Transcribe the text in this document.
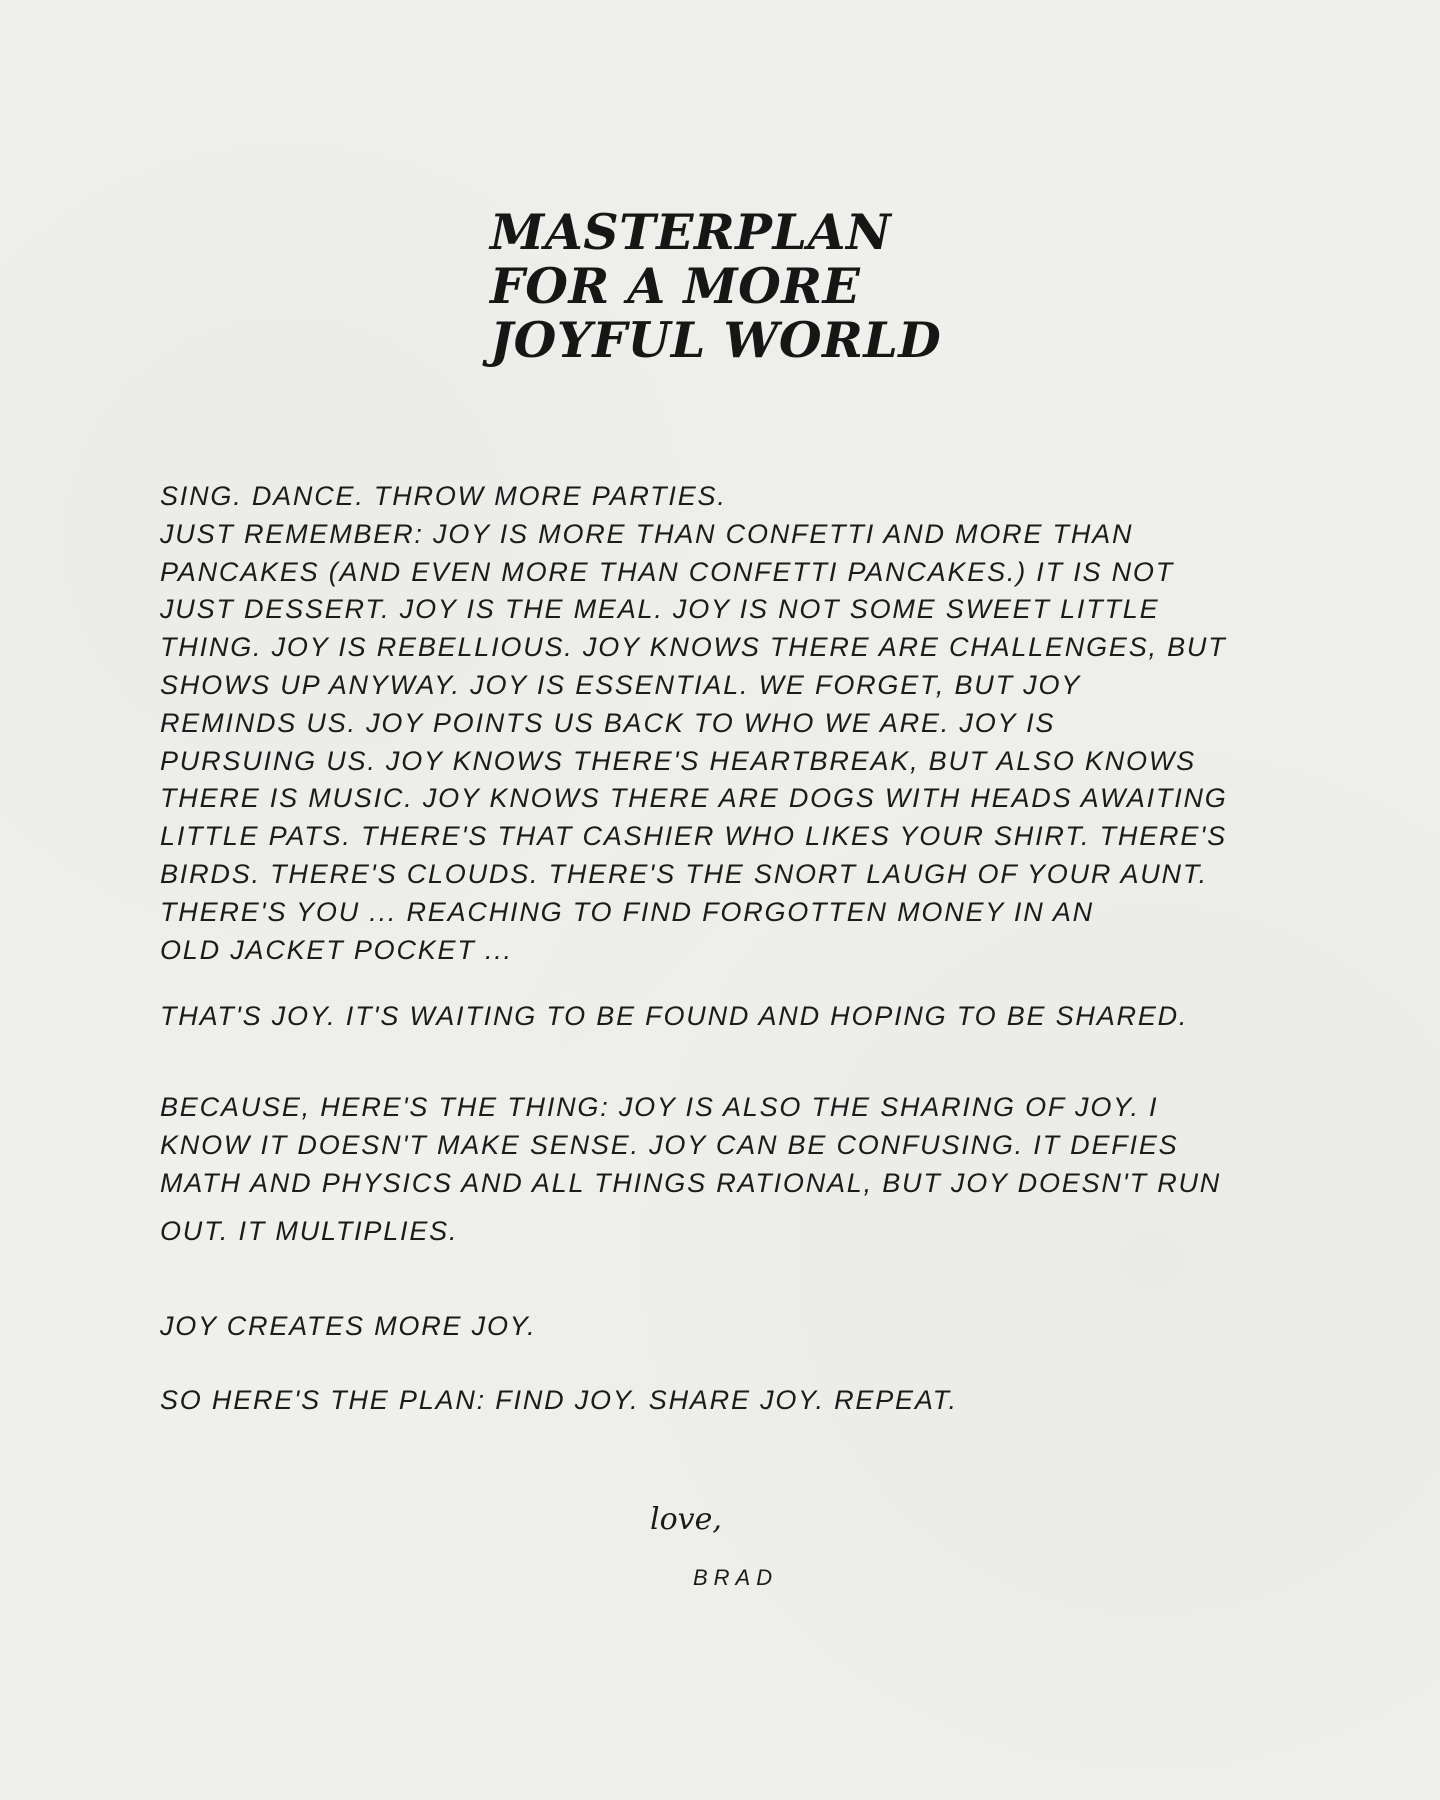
MASTERPLAN
FOR A MORE
JOYFUL WORLD

SING. DANCE. THROW MORE PARTIES.
JUST REMEMBER: JOY IS MORE THAN CONFETTI AND MORE THAN
PANCAKES (AND EVEN MORE THAN CONFETTI PANCAKES.) IT IS NOT
JUST DESSERT. JOY IS THE MEAL. JOY IS NOT SOME SWEET LITTLE
THING. JOY IS REBELLIOUS. JOY KNOWS THERE ARE CHALLENGES, BUT
SHOWS UP ANYWAY. JOY IS ESSENTIAL. WE FORGET, BUT JOY
REMINDS US. JOY POINTS US BACK TO WHO WE ARE. JOY IS
PURSUING US. JOY KNOWS THERE'S HEARTBREAK, BUT ALSO KNOWS
THERE IS MUSIC. JOY KNOWS THERE ARE DOGS WITH HEADS AWAITING
LITTLE PATS. THERE'S THAT CASHIER WHO LIKES YOUR SHIRT. THERE'S
BIRDS. THERE'S CLOUDS. THERE'S THE SNORT LAUGH OF YOUR AUNT.
THERE'S YOU ... REACHING TO FIND FORGOTTEN MONEY IN AN
OLD JACKET POCKET ...

THAT'S JOY. IT'S WAITING TO BE FOUND AND HOPING TO BE SHARED.

BECAUSE, HERE'S THE THING: JOY IS ALSO THE SHARING OF JOY. I
KNOW IT DOESN'T MAKE SENSE. JOY CAN BE CONFUSING. IT DEFIES
MATH AND PHYSICS AND ALL THINGS RATIONAL, BUT JOY DOESN'T RUN
OUT. IT MULTIPLIES.

JOY CREATES MORE JOY.

SO HERE'S THE PLAN: FIND JOY. SHARE JOY. REPEAT.

love,

BRAD
